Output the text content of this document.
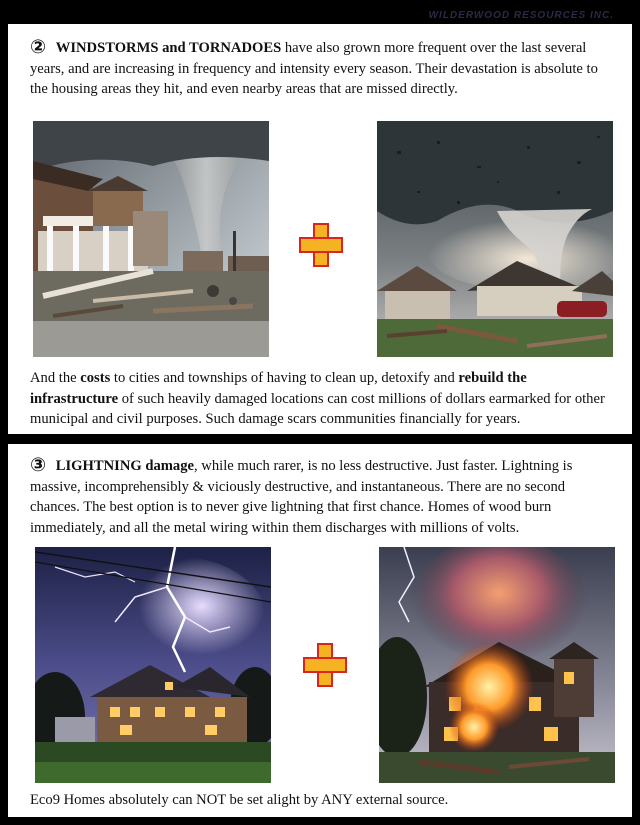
WILDERWOOD RESOURCES INC.

② WINDSTORMS and TORNADOES have also grown more frequent over the last several years, and are increasing in frequency and intensity every season. Their devastation is absolute to the housing areas they hit, and even nearby areas that are missed directly.

And the costs to cities and townships of having to clean up, detoxify and rebuild the infrastructure of such heavily damaged locations can cost millions of dollars earmarked for other municipal and civil purposes. Such damage scars communities financially for years.

③ LIGHTNING damage, while much rarer, is no less destructive. Just faster. Lightning is massive, incomprehensibly & viciously destructive, and instantaneous. There are no second chances. The best option is to never give lightning that first chance. Homes of wood burn immediately, and all the metal wiring within them discharges with millions of volts.

Eco9 Homes absolutely can NOT be set alight by ANY external source.
